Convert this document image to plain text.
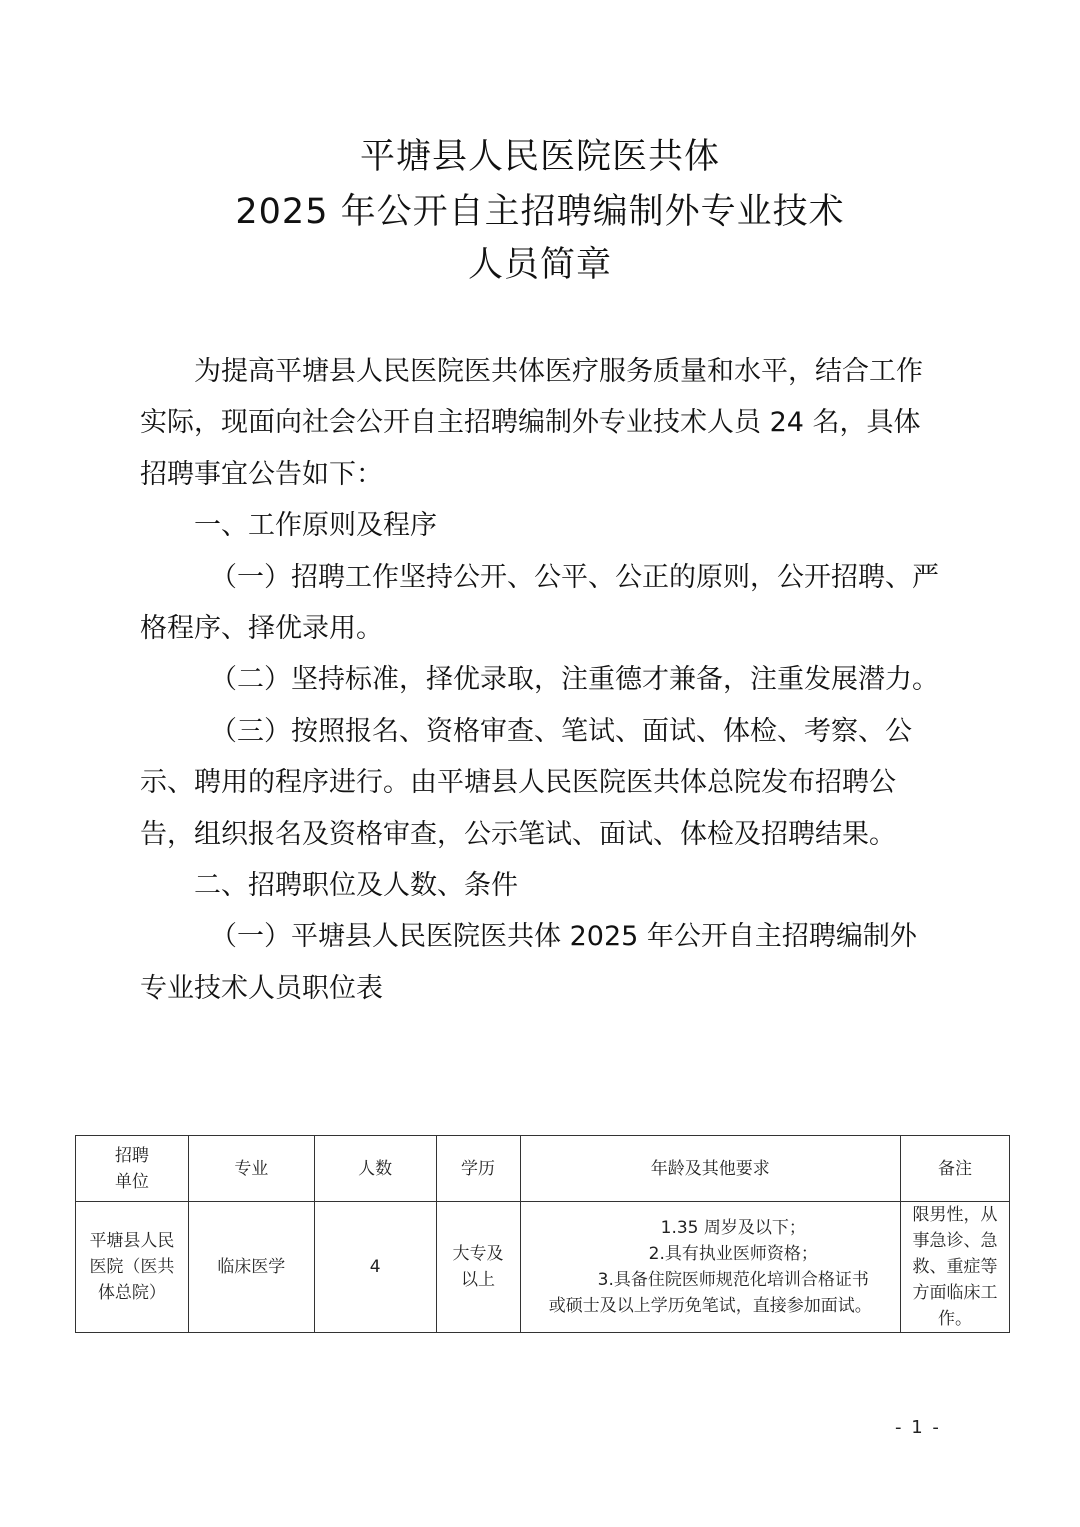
平塘县人民医院医共体
2025 年公开自主招聘编制外专业技术
人员简章

为提高平塘县人民医院医共体医疗服务质量和水平，结合工作实际，现面向社会公开自主招聘编制外专业技术人员 24 名，具体招聘事宜公告如下：

一、工作原则及程序

（一）招聘工作坚持公开、公平、公正的原则，公开招聘、严格程序、择优录用。

（二）坚持标准，择优录取，注重德才兼备，注重发展潜力。

（三）按照报名、资格审查、笔试、面试、体检、考察、公示、聘用的程序进行。由平塘县人民医院医共体总院发布招聘公告，组织报名及资格审查，公示笔试、面试、体检及招聘结果。

二、招聘职位及人数、条件

（一）平塘县人民医院医共体 2025 年公开自主招聘编制外专业技术人员职位表

招聘
单位	专业	人数	学历	年龄及其他要求	备注
平塘县人民医院（医共体总院）	临床医学	4	大专及以上	1.35 周岁及以下；
2.具有执业医师资格；
3.具备住院医师规范化培训合格证书
或硕士及以上学历免笔试，直接参加面试。	限男性，从事急诊、急救、重症等方面临床工作。
- 1 -
